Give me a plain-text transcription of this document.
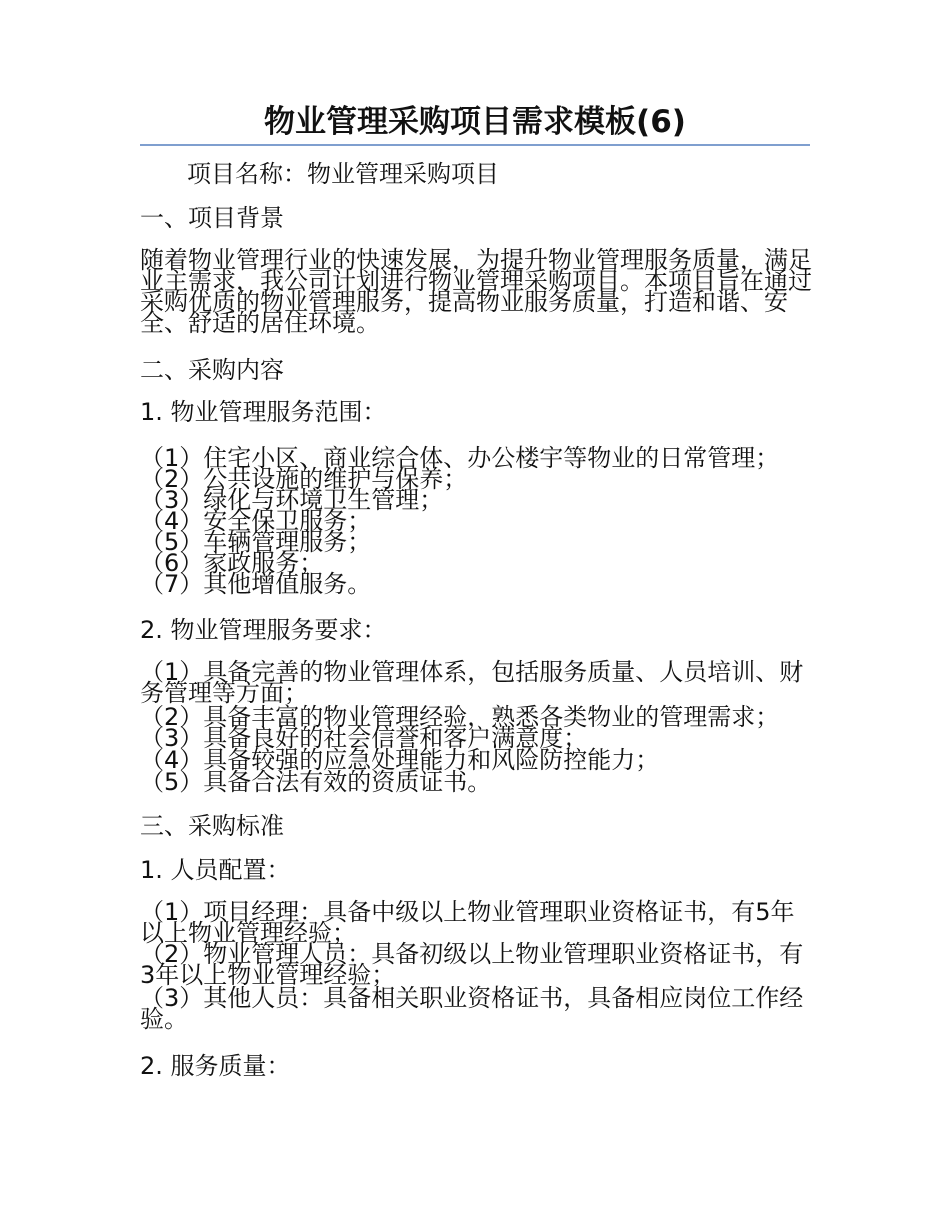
物业管理采购项目需求模板(6)

项目名称：物业管理采购项目

一、项目背景

随着物业管理行业的快速发展，为提升物业管理服务质量，满足业主需求，我公司计划进行物业管理采购项目。本项目旨在通过采购优质的物业管理服务，提高物业服务质量，打造和谐、安全、舒适的居住环境。

二、采购内容

1. 物业管理服务范围：

（1）住宅小区、商业综合体、办公楼宇等物业的日常管理；

（2）公共设施的维护与保养；

（3）绿化与环境卫生管理；

（4）安全保卫服务；

（5）车辆管理服务；

（6）家政服务；

（7）其他增值服务。

2. 物业管理服务要求：

（1）具备完善的物业管理体系，包括服务质量、人员培训、财务管理等方面；

（2）具备丰富的物业管理经验，熟悉各类物业的管理需求；

（3）具备良好的社会信誉和客户满意度；

（4）具备较强的应急处理能力和风险防控能力；

（5）具备合法有效的资质证书。

三、采购标准

1. 人员配置：

（1）项目经理：具备中级以上物业管理职业资格证书，有5年以上物业管理经验；

（2）物业管理人员：具备初级以上物业管理职业资格证书，有3年以上物业管理经验；

（3）其他人员：具备相关职业资格证书，具备相应岗位工作经验。

2. 服务质量：
